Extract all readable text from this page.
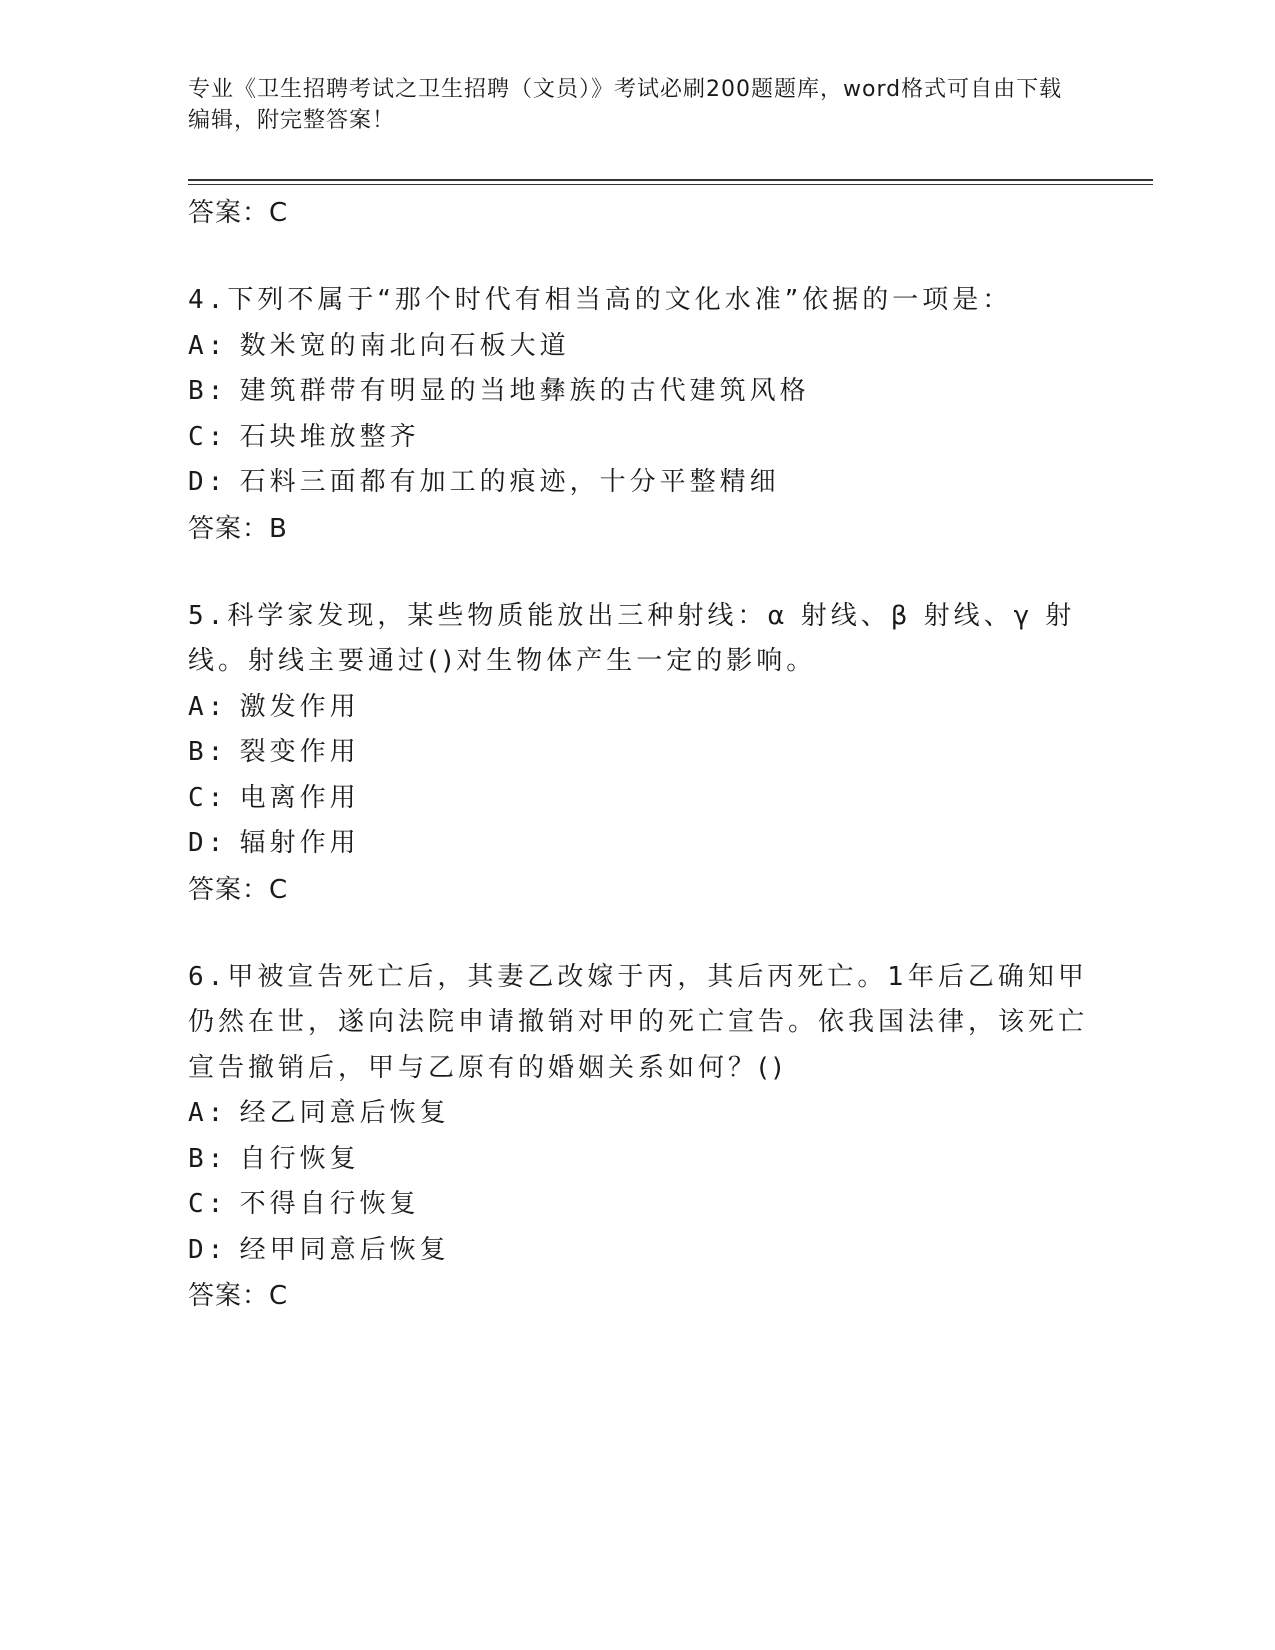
专业《卫生招聘考试之卫生招聘（文员）》考试必刷200题题库，word格式可自由下载编辑，附完整答案！
答案：C
4.下列不属于“那个时代有相当高的文化水准”依据的一项是：
A: 数米宽的南北向石板大道
B: 建筑群带有明显的当地彝族的古代建筑风格
C: 石块堆放整齐
D: 石料三面都有加工的痕迹，十分平整精细
答案：B
5.科学家发现，某些物质能放出三种射线：α 射线、β 射线、γ 射线。射线主要通过()对生物体产生一定的影响。
A: 激发作用
B: 裂变作用
C: 电离作用
D: 辐射作用
答案：C
6.甲被宣告死亡后，其妻乙改嫁于丙，其后丙死亡。1年后乙确知甲仍然在世，遂向法院申请撤销对甲的死亡宣告。依我国法律，该死亡宣告撤销后，甲与乙原有的婚姻关系如何？()
A: 经乙同意后恢复
B: 自行恢复
C: 不得自行恢复
D: 经甲同意后恢复
答案：C
